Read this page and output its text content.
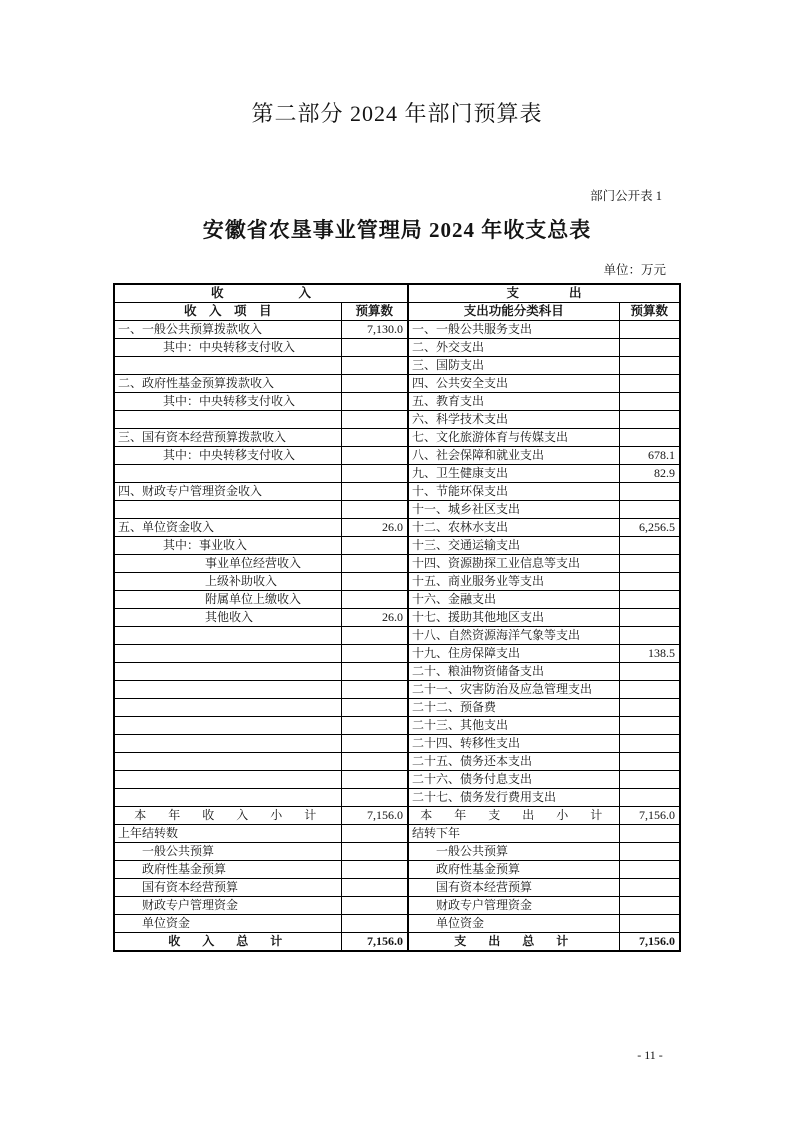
第二部分 2024 年部门预算表
部门公开表 1
安徽省农垦事业管理局 2024 年收支总表
单位：万元
收　　　　　　入		支　　　　出	
收　入　项　目	预算数	支出功能分类科目	预算数
一、一般公共预算拨款收入	7,130.0	一、一般公共服务支出	
其中：中央转移支付收入		二、外交支出	
		三、国防支出	
二、政府性基金预算拨款收入		四、公共安全支出	
其中：中央转移支付收入		五、教育支出	
		六、科学技术支出	
三、国有资本经营预算拨款收入		七、文化旅游体育与传媒支出	
其中：中央转移支付收入		八、社会保障和就业支出	678.1
		九、卫生健康支出	82.9
四、财政专户管理资金收入		十、节能环保支出	
		十一、城乡社区支出	
五、单位资金收入	26.0	十二、农林水支出	6,256.5
其中：事业收入		十三、交通运输支出	
事业单位经营收入		十四、资源勘探工业信息等支出	
上级补助收入		十五、商业服务业等支出	
附属单位上缴收入		十六、金融支出	
其他收入	26.0	十七、援助其他地区支出	
		十八、自然资源海洋气象等支出	
		十九、住房保障支出	138.5
		二十、粮油物资储备支出	
		二十一、灾害防治及应急管理支出	
		二十二、预备费	
		二十三、其他支出	
		二十四、转移性支出	
		二十五、债务还本支出	
		二十六、债务付息支出	
		二十七、债务发行费用支出	
本　年　收　入　小　计	7,156.0	本　年　支　出　小　计	7,156.0
上年结转数		结转下年	
一般公共预算		一般公共预算	
政府性基金预算		政府性基金预算	
国有资本经营预算		国有资本经营预算	
财政专户管理资金		财政专户管理资金	
单位资金		单位资金	
收　入　总　计	7,156.0	支　出　总　计	7,156.0
- 11 -
